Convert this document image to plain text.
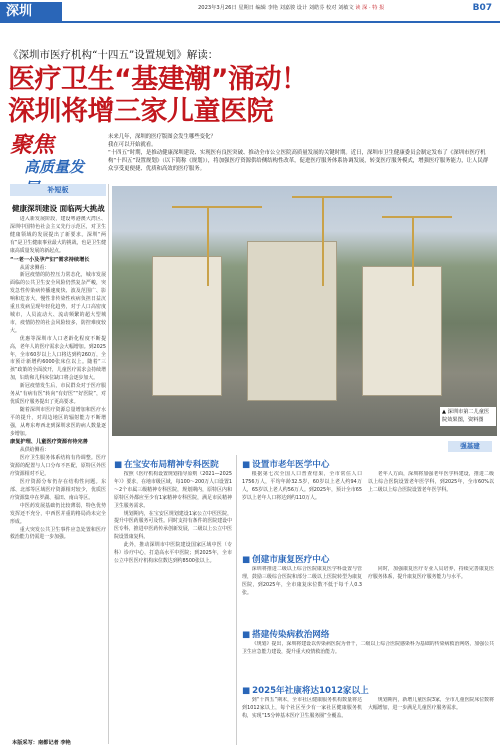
深圳	2023年3月26日 星期日 编辑 李艳 刘嘉骏 设计 刘皓芬 校对 刘敏文 读 深 · 特 报	B07
《深圳市医疗机构“十四五”设置规划》解读：
医疗卫生“基建潮”涌动！
深圳将增三家儿童医院
聚焦
高质量发

未来几年，深圳的医疗版图会发生哪些变化？

我在可以开始就看。

“十四五”时期，是推动健康深圳建设、实现医有良医突破、推动全市公立医院高质量发展的关键时期。近日，深圳市卫生健康委员会制定发布了《深圳市医疗机构“十四五”设置规划》（以下简称《规划》），将加强医疗资源供给侧结构性改革，促进医疗服务体系协调发展，转变医疗服务模式，增强医疗服务能力，让人民群众享受更便捷、优质和高效的医疗服务。

补短板
健康深圳建设 面临两大挑战

进入新发展阶段，建设粤港澳大湾区、深圳中国特色社会主义先行示范区，对卫生健康领域的发展提出了新要求。深圳“两有”是卫生健康事业最大的挑战，也是卫生健康高质量发展的新起点。

“一老一小及孕产妇”需求持续增长

从需求侧看：

新冠疫情的防控压力常态化，城市发展面临的公共卫生安全风险仍然复杂严峻，突发急性传染病传播速度快、波及范围广、影响和危害大，慢性非传染性疾病负担日益沉重且发病呈现年轻化趋势，对于人口高密度城市，人员流动大、流动频繁的超大型城市，疫情防控的社会风险较多，防控难度较大。

优惠等深圳市人口老龄化程度不断提高，老年人的医疗需求会大幅增加。到2025年，全市60岁以上人口将达到约260万，全市预计新增约6000张床位以上。随着“三孩”政策的全面放开，儿童医疗需求会持续增加，妇幼和儿科床位缺口将会逐步加大。

新冠疫情发生后，市民群众对于医疗服务从“有病有医”转向“有好医”“好医院”，对优质医疗服务提出了更高要求。

随着深圳市医疗资源总量增加和医疗水平的提升，对周边地区的辐射能力不断增强，从粤东粤西北到深圳求医的病人数量逐步增加。

康复护理、儿童医疗资源有待完善

从供给侧看：

医疗卫生服务体系结构有待调整。医疗资源的配置与人口分布不匹配，原特区外医疗资源相对不足。

医疗资源分布仍存在结构性问题。东部、北部等区域医疗资源相对较少，优质医疗资源集中在罗湖、福田、南山等区。

中医药发展基础仍比较薄弱，特色优势发挥还不充分，中西医并重的格局尚未完全形成。

重大突发公共卫生事件应急处置和医疗救治能力仍需进一步加强。

本版采写：南都记者 李艳
▲ 深圳市第二儿童医院效果图，资料图
强基建
■ 在宝安布局精神专科医院

按照《医疗机构设置规划指导原则（2021—2025年）》要求，在地市级区域，每100～200万人口设置1～2个市属三级精神专科医院，规划期内，原特区内和原特区外都应至少有1家精神专科医院，满足市民精神卫生服务需求。

规划期内，在宝安区规划建设1家公立中医医院，提升中医药服务可及性。同时支持有条件的医院建设中医专科，推进中医药传承创新发展，二级以上公立中医院设置康复科。

此外，推动深圳市中医院建设国家区域中医（专科）诊疗中心，打造高水平中医院；到2025年，全市公立中医医疗机构床位数达到约8500张以上。

■ 设置市老年医学中心

根据第七次全国人口普查结果，全市常住人口1756万人，平均年龄32.5岁，60岁以上老人约94万人，65岁以上老人约56万人。到2025年，预计全市65岁以上老年人口将达到约110万人。

老年人方面，深圳将加强老年医学科建设，推进二级以上综合医院设置老年医学科，到2025年，全市60%以上二级以上综合医院设置老年医学科。

■ 创建市康复医疗中心

深圳将推进二级以上综合医院康复医学科设置与管理，鼓励三级综合医院和部分二级以上医院转型为康复医院，到2025年，全市康复床位数不低于每千人0.3张。

同时，加强康复医疗专业人员培养，持续完善康复医疗服务体系，提升康复医疗服务能力与水平。

■ 搭建传染病救治网络

《规划》提出，深圳将建设以传染病医院为骨干，二级以上综合医院感染科为基础的传染病救治网络，加强公共卫生应急能力建设，提升重大疫情救治能力。

■ 2025年社康将达1012家以上

到“十四五”期末，全市社区健康服务机构数量将达到1012家以上，每个社区至少有一家社区健康服务机构，实现“15分钟基本医疗卫生服务圈”全覆盖。

规划期内，新增儿童医院3家，全市儿童医院床位数将大幅增加，进一步满足儿童医疗服务需求。
